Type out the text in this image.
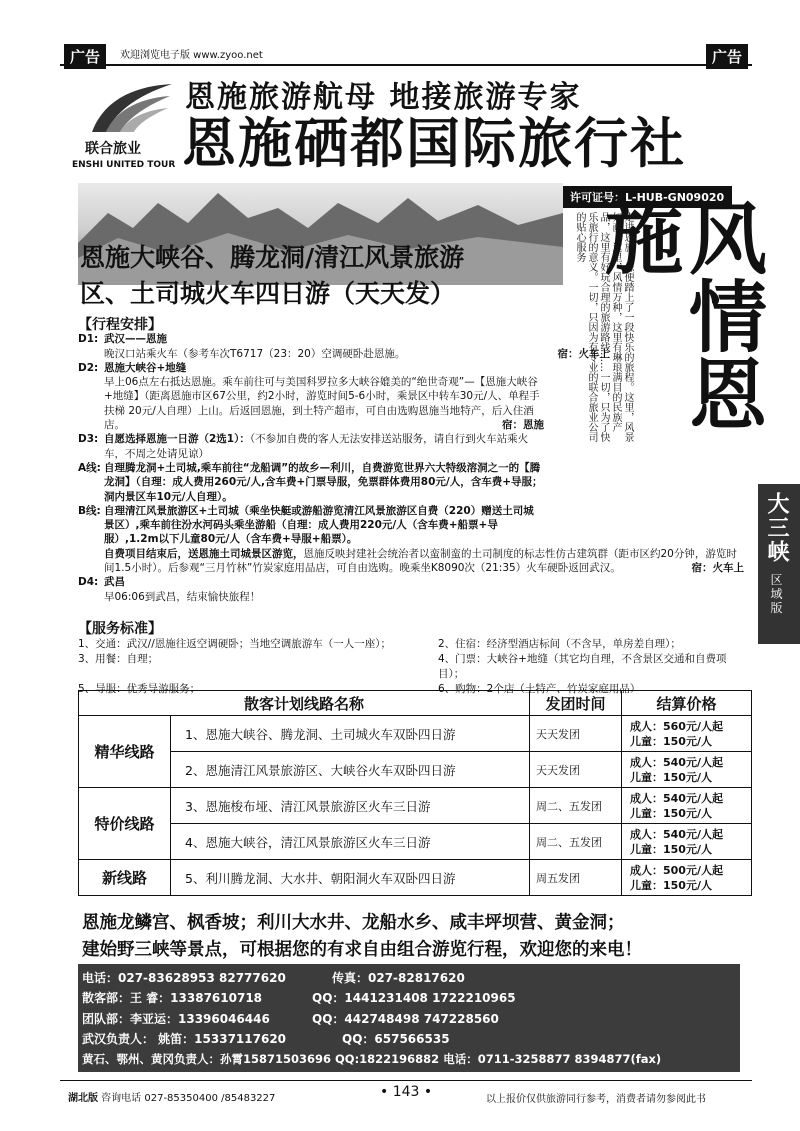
广告	欢迎浏览电子版 www.zyoo.net	广告
联合旅业
ENSHI UNITED TOUR
恩施旅游航母 地接旅游专家
恩施硒都国际旅行社
许可证号：L-HUB-GN09020
恩施大峡谷、腾龙洞/清江风景旅游
区、土司城火车四日游（天天发）	走进恩施，您便踏上了一段快乐的旅程。这里，风景如画，这里，风情万种，这里有琳琅满目的民族产品，这里有好玩合理的旅游路线……一切，只为了快乐旅行的意义。一切，只因为有专业的联合旅业公司的贴心服务	风情恩施
大三峡 区域版
【行程安排】
D1: 武汉——恩施
晚汉口站乘火车（参考车次T6717（23：20）空调硬卧赴恩施。	宿：火车上
D2: 恩施大峡谷+地缝
早上06点左右抵达恩施。乘车前往可与美国科罗拉多大峡谷媲美的“绝世奇观”—【恩施大峡谷+地缝】（距离恩施市区67公里，约2小时，游览时间5-6小时，乘景区中转车30元/人、单程手扶梯 20元/人自理）上山。后返回恩施，到土特产超市，可自由选购恩施当地特产，后入住酒店。	宿：恩施
D3: 自愿选择恩施一日游（2选1）：（不参加自费的客人无法安排送站服务，请自行到火车站乘火车，不周之处请见谅）
A线: 自理腾龙洞+土司城,乘车前往“龙船调”的故乡—利川，自费游览世界六大特级溶洞之一的【腾龙洞】（自理：成人费用260元/人,含车费+门票导服，免票群体费用80元/人，含车费+导服；洞内景区车10元/人自理）。
B线: 自理清江风景旅游区+土司城（乘坐快艇或游船游览清江风景旅游区自费（220）赠送土司城景区）,乘车前往汾水河码头乘坐游船（自理：成人费用220元/人（含车费+船票+导服）,1.2m以下儿童80元/人（含车费+导服+船票）。
自费项目结束后，送恩施土司城景区游览，恩施反映封建社会统治者以蛮制蛮的土司制度的标志性仿古建筑群（距市区约20分钟，游览时间1.5小时）。后参观“三月竹林”竹炭家庭用品店，可自由选购。晚乘坐K8090次（21:35）火车硬卧返回武汉。	宿：火车上
D4: 武昌
早06:06到武昌，结束愉快旅程！
【服务标准】
1、交通：武汉//恩施往返空调硬卧；当地空调旅游车（一人一座）；	2、住宿：经济型酒店标间（不含早，单房差自理）；
3、用餐：自理；	4、门票：大峡谷+地缝（其它均自理，不含景区交通和自费项目）；
5、导服：优秀导游服务；	6、购物：2个店（土特产、竹炭家庭用品）
散客计划线路名称		发团时间	结算价格
精华线路	1、恩施大峡谷、腾龙洞、土司城火车双卧四日游	天天发团	成人：560元/人起
儿童：150元/人

	2、恩施清江风景旅游区、大峡谷火车双卧四日游	天天发团	成人：540元/人起
儿童：150元/人

特价线路	3、恩施梭布垭、清江风景旅游区火车三日游	周二、五发团	成人：540元/人起
儿童：150元/人

	4、恩施大峡谷，清江风景旅游区火车三日游	周二、五发团	成人：540元/人起
儿童：150元/人

新线路	5、利川腾龙洞、大水井、朝阳洞火车双卧四日游	周五发团	成人：500元/人起
儿童：150元/人
恩施龙鳞宫、枫香坡；利川大水井、龙船水乡、咸丰坪坝营、黄金洞；
建始野三峡等景点，可根据您的有求自由组合游览行程，欢迎您的来电！
电话：027-83628953 82777620	传真：027-82817620
散客部：王 睿：13387610718	QQ：1441231408 1722210965
团队部：李亚运：13396046446	QQ：442748498 747228560
武汉负责人： 姚笛：15337117620	QQ：657566535
黄石、鄂州、黄冈负责人：孙霄15871503696 QQ:1822196882 电话：0711-3258877 8394877(fax)
湖北版 咨询电话 027-85350400 /85483227	• 143 •	以上报价仅供旅游同行参考，消费者请勿参阅此书
